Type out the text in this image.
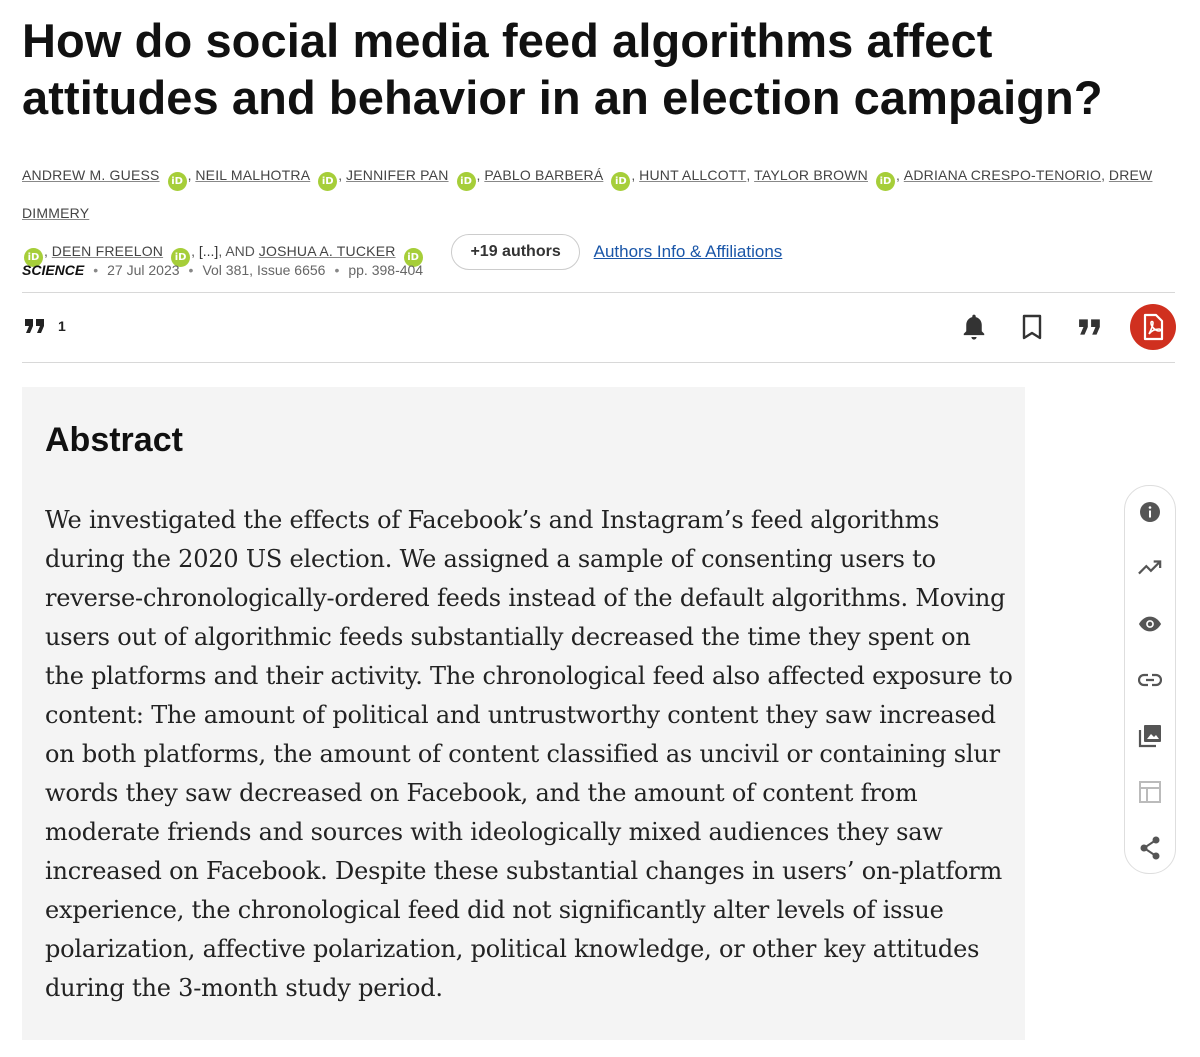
How do social media feed algorithms affect attitudes and behavior in an election campaign?
ANDREW M. GUESS iD , NEIL MALHOTRA iD , JENNIFER PAN iD , PABLO BARBERÁ iD , HUNT ALLCOTT, TAYLOR BROWN iD , ADRIANA CRESPO-TENORIO, DREW DIMMERY
iD , DEEN FREELON iD , [...], AND JOSHUA A. TUCKER iD	+19 authors Authors Info & Affiliations
SCIENCE • 27 Jul 2023 • Vol 381, Issue 6656 • pp. 398-404
1
Abstract

We investigated the effects of Facebook’s and Instagram’s feed algorithms during the 2020 US election. We assigned a sample of consenting users to reverse-chronologically-ordered feeds instead of the default algorithms. Moving users out of algorithmic feeds substantially decreased the time they spent on the platforms and their activity. The chronological feed also affected exposure to content: The amount of political and untrustworthy content they saw increased on both platforms, the amount of content classified as uncivil or containing slur words they saw decreased on Facebook, and the amount of content from moderate friends and sources with ideologically mixed audiences they saw increased on Facebook. Despite these substantial changes in users’ on-platform experience, the chronological feed did not significantly alter levels of issue polarization, affective polarization, political knowledge, or other key attitudes during the 3-month study period.
